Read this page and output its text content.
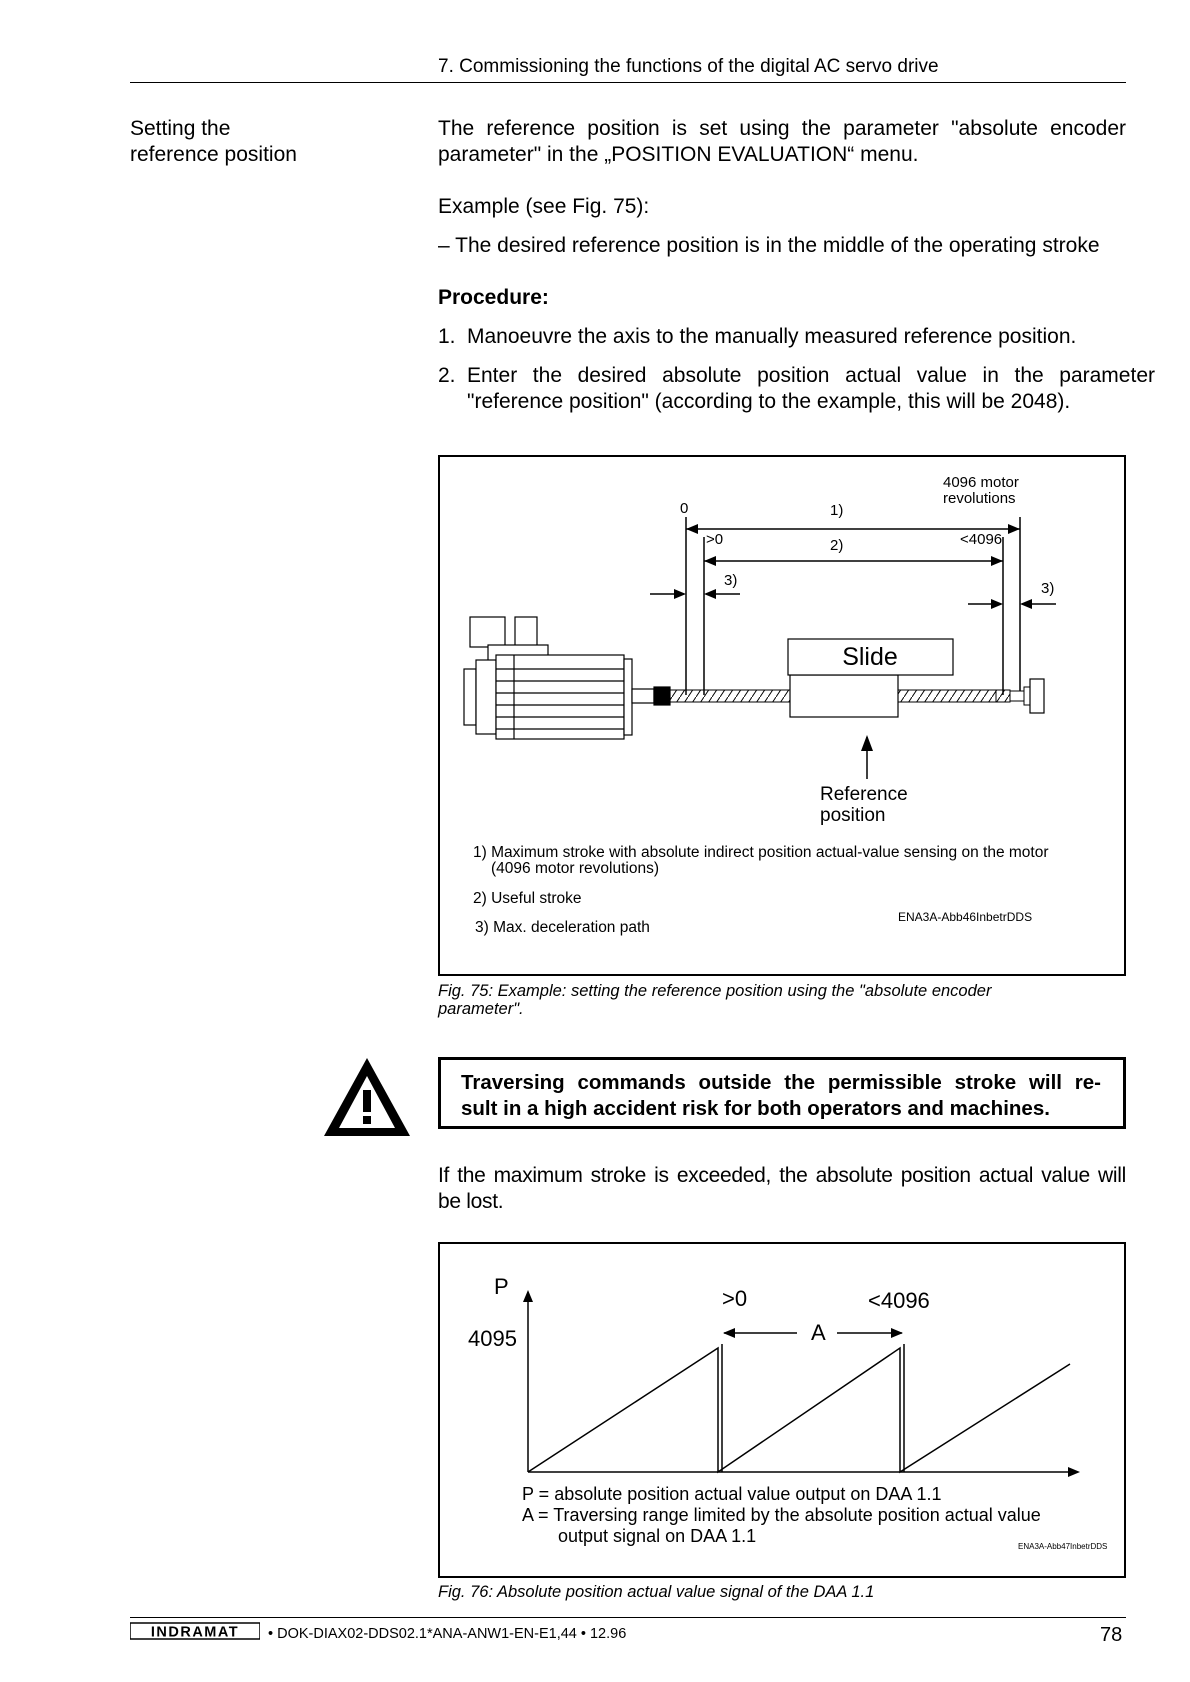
7. Commissioning the functions of the digital AC servo drive
Setting the
reference position
The reference position is set using the parameter "absolute encoder
parameter" in the „POSITION EVALUATION“ menu.
Example (see Fig. 75):
– The desired reference position is in the middle of the operating stroke
Procedure:
1. Manoeuvre the axis to the manually measured reference position.
2. Enter the desired absolute position actual value in the parameter "reference position" (according to the example, this will be 2048).
4096 motor
revolutions
0	1)
>0	2)	<4096
3)	3)
Slide
Reference
position
1) Maximum stroke with absolute indirect position actual-value sensing on the motor
(4096 motor revolutions)
2) Useful stroke
3) Max. deceleration path
ENA3A-Abb46InbetrDDS
Fig. 75: Example: setting the reference position using the "absolute encoder
parameter".
Traversing commands outside the permissible stroke will re-
sult in a high accident risk for both operators and machines.
If the maximum stroke is exceeded, the absolute position actual value will
be lost.
P
4095
>0	<4096
A
P = absolute position actual value output on DAA 1.1
A = Traversing range limited by the absolute position actual value
output signal on DAA 1.1
ENA3A-Abb47InbetrDDS
Fig. 76: Absolute position actual value signal of the DAA 1.1
INDRAMAT • DOK-DIAX02-DDS02.1*ANA-ANW1-EN-E1,44 • 12.96	78
